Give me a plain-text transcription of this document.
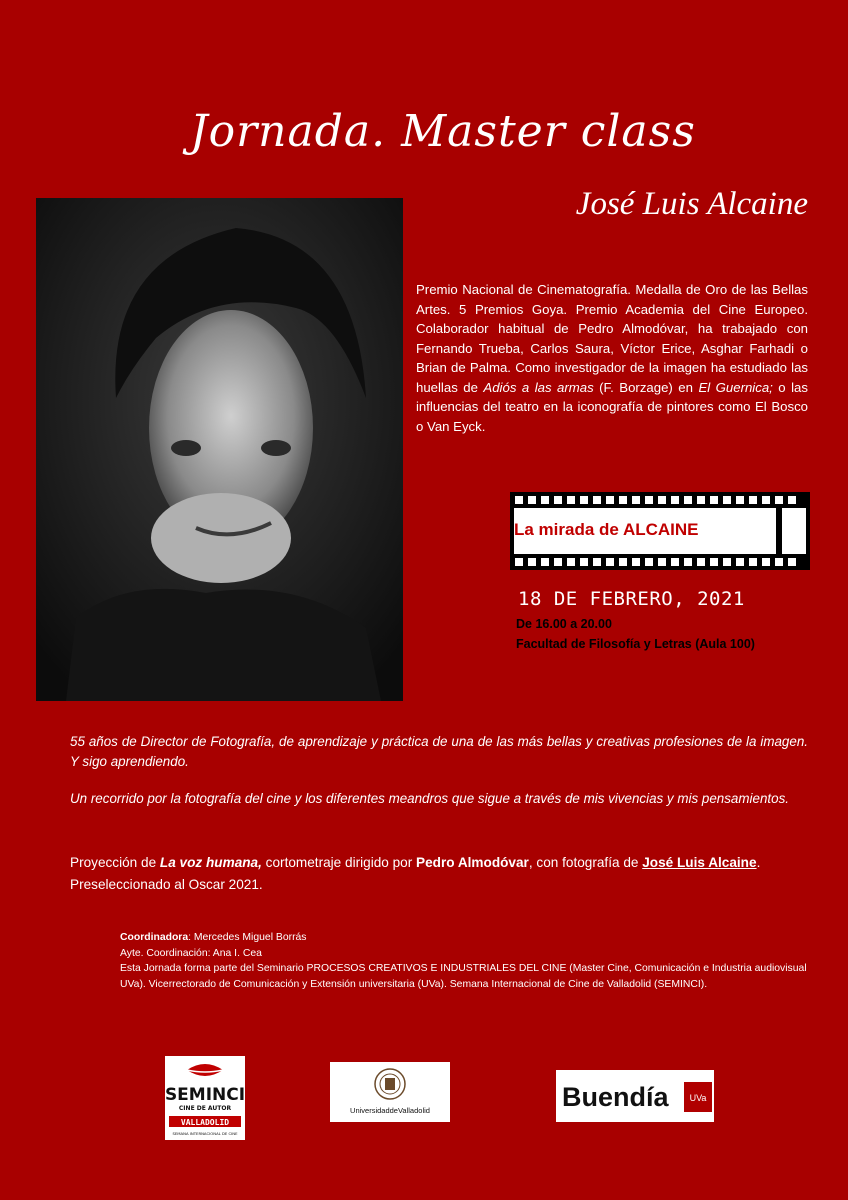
Jornada. Master class
José Luis Alcaine
Premio Nacional de Cinematografía. Medalla de Oro de las Bellas Artes. 5 Premios Goya. Premio Academia del Cine Europeo. Colaborador habitual de Pedro Almodóvar, ha trabajado con Fernando Trueba, Carlos Saura, Víctor Erice, Asghar Farhadi o Brian de Palma. Como investigador de la imagen ha estudiado las huellas de Adiós a las armas (F. Borzage) en El Guernica; o las influencias del teatro en la iconografía de pintores como El Bosco o Van Eyck.
La mirada de ALCAINE
18 DE FEBRERO, 2021
De 16.00 a 20.00
Facultad de Filosofía y Letras (Aula 100)
55 años de Director de Fotografía, de aprendizaje y práctica de una de las más bellas y creativas profesiones de la imagen. Y sigo aprendiendo.
Un recorrido por la fotografía del cine y los diferentes meandros que sigue a través de mis vivencias y mis pensamientos.
Proyección de La voz humana, cortometraje dirigido por Pedro Almodóvar, con fotografía de José Luis Alcaine.
Preseleccionado al Oscar 2021.
Coordinadora: Mercedes Miguel Borrás
Ayte. Coordinación: Ana I. Cea
Esta Jornada forma parte del Seminario PROCESOS CREATIVOS E INDUSTRIALES DEL CINE (Master Cine, Comunicación e Industria audiovisual UVa). Vicerrectorado de Comunicación y Extensión universitaria (UVa). Semana Internacional de Cine de Valladolid (SEMINCI).
SEMINCI
CINE DE AUTOR
VALLADOLID
SEMANA INTERNACIONAL DE CINE
UniversidaddeValladolid	Buendía UVa
